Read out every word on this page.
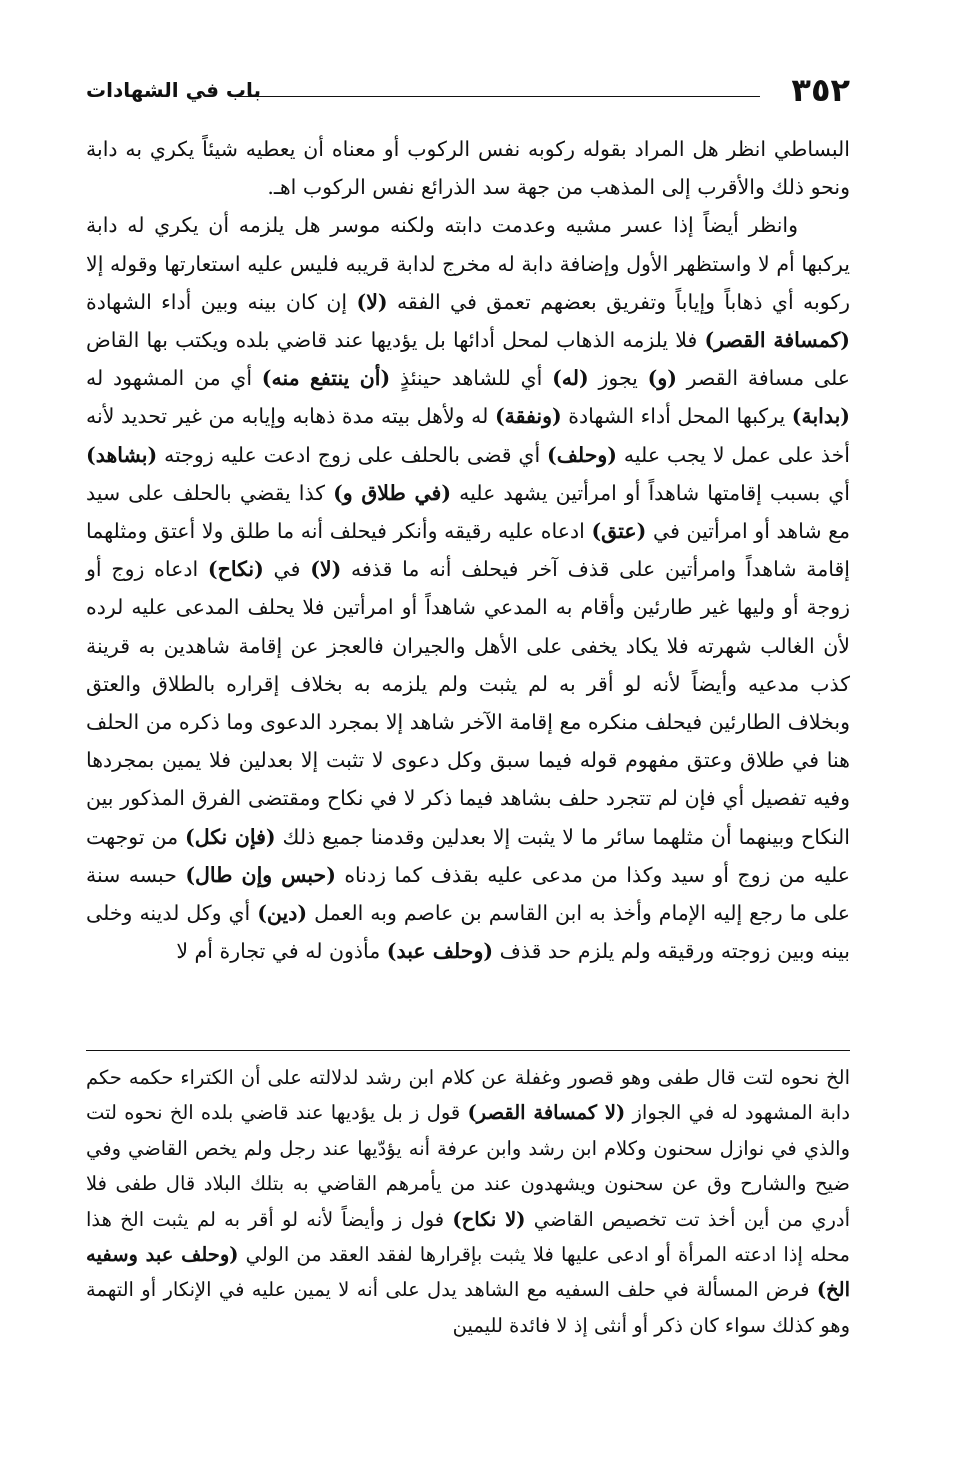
٣٥٢
باب في الشهادات

البساطي انظر هل المراد بقوله ركوبه نفس الركوب أو معناه أن يعطيه شيئاً يكري به دابة ونحو ذلك والأقرب إلى المذهب من جهة سد الذرائع نفس الركوب اهـ.

وانظر أيضاً إذا عسر مشيه وعدمت دابته ولكنه موسر هل يلزمه أن يكري له دابة يركبها أم لا واستظهر الأول وإضافة دابة له مخرج لدابة قريبه فليس عليه استعارتها وقوله إلا ركوبه أي ذهاباً وإياباً وتفريق بعضهم تعمق في الفقه (لا) إن كان بينه وبين أداء الشهادة (كمسافة القصر) فلا يلزمه الذهاب لمحل أدائها بل يؤديها عند قاضي بلده ويكتب بها القاض على مسافة القصر (و) يجوز (له) أي للشاهد حينئذٍ (أن ينتفع منه) أي من المشهود له (بدابة) يركبها المحل أداء الشهادة (ونفقة) له ولأهل بيته مدة ذهابه وإيابه من غير تحديد لأنه أخذ على عمل لا يجب عليه (وحلف) أي قضى بالحلف على زوج ادعت عليه زوجته (بشاهد) أي بسبب إقامتها شاهداً أو امرأتين يشهد عليه (في طلاق و) كذا يقضي بالحلف على سيد مع شاهد أو امرأتين في (عتق) ادعاه عليه رقيقه وأنكر فيحلف أنه ما طلق ولا أعتق ومثلهما إقامة شاهداً وامرأتين على قذف آخر فيحلف أنه ما قذفه (لا) في (نكاح) ادعاه زوج أو زوجة أو وليها غير طارئين وأقام به المدعي شاهداً أو امرأتين فلا يحلف المدعى عليه لرده لأن الغالب شهرته فلا يكاد يخفى على الأهل والجيران فالعجز عن إقامة شاهدين به قرينة كذب مدعيه وأيضاً لأنه لو أقر به لم يثبت ولم يلزمه به بخلاف إقراره بالطلاق والعتق وبخلاف الطارئين فيحلف منكره مع إقامة الآخر شاهد إلا بمجرد الدعوى وما ذكره من الحلف هنا في طلاق وعتق مفهوم قوله فيما سبق وكل دعوى لا تثبت إلا بعدلين فلا يمين بمجردها وفيه تفصيل أي فإن لم تتجرد حلف بشاهد فيما ذكر لا في نكاح ومقتضى الفرق المذكور بين النكاح وبينهما أن مثلهما سائر ما لا يثبت إلا بعدلين وقدمنا جميع ذلك (فإن نكل) من توجهت عليه من زوج أو سيد وكذا من مدعى عليه بقذف كما زدناه (حبس وإن طال) حبسه سنة على ما رجع إليه الإمام وأخذ به ابن القاسم بن عاصم وبه العمل (دين) أي وكل لدينه وخلى بينه وبين زوجته ورقيقه ولم يلزم حد قذف (وحلف عبد) مأذون له في تجارة أم لا

الخ نحوه لتت قال طفى وهو قصور وغفلة عن كلام ابن رشد لدلالته على أن الكتراء حكمه حكم دابة المشهود له في الجواز (لا كمسافة القصر) قول ز بل يؤديها عند قاضي بلده الخ نحوه لتت والذي في نوازل سحنون وكلام ابن رشد وابن عرفة أنه يؤدّيها عند رجل ولم يخص القاضي وفي ضيح والشارح وق عن سحنون ويشهدون عند من يأمرهم القاضي به بتلك البلاد قال طفى فلا أدري من أين أخذ تت تخصيص القاضي (لا نكاح) فول ز وأيضاً لأنه لو أقر به لم يثبت الخ هذا محله إذا ادعته المرأة أو ادعى عليها فلا يثبت بإقرارها لفقد العقد من الولي (وحلف عبد وسفيه الخ) فرض المسألة في حلف السفيه مع الشاهد يدل على أنه لا يمين عليه في الإنكار أو التهمة وهو كذلك سواء كان ذكر أو أنثى إذ لا فائدة لليمين
